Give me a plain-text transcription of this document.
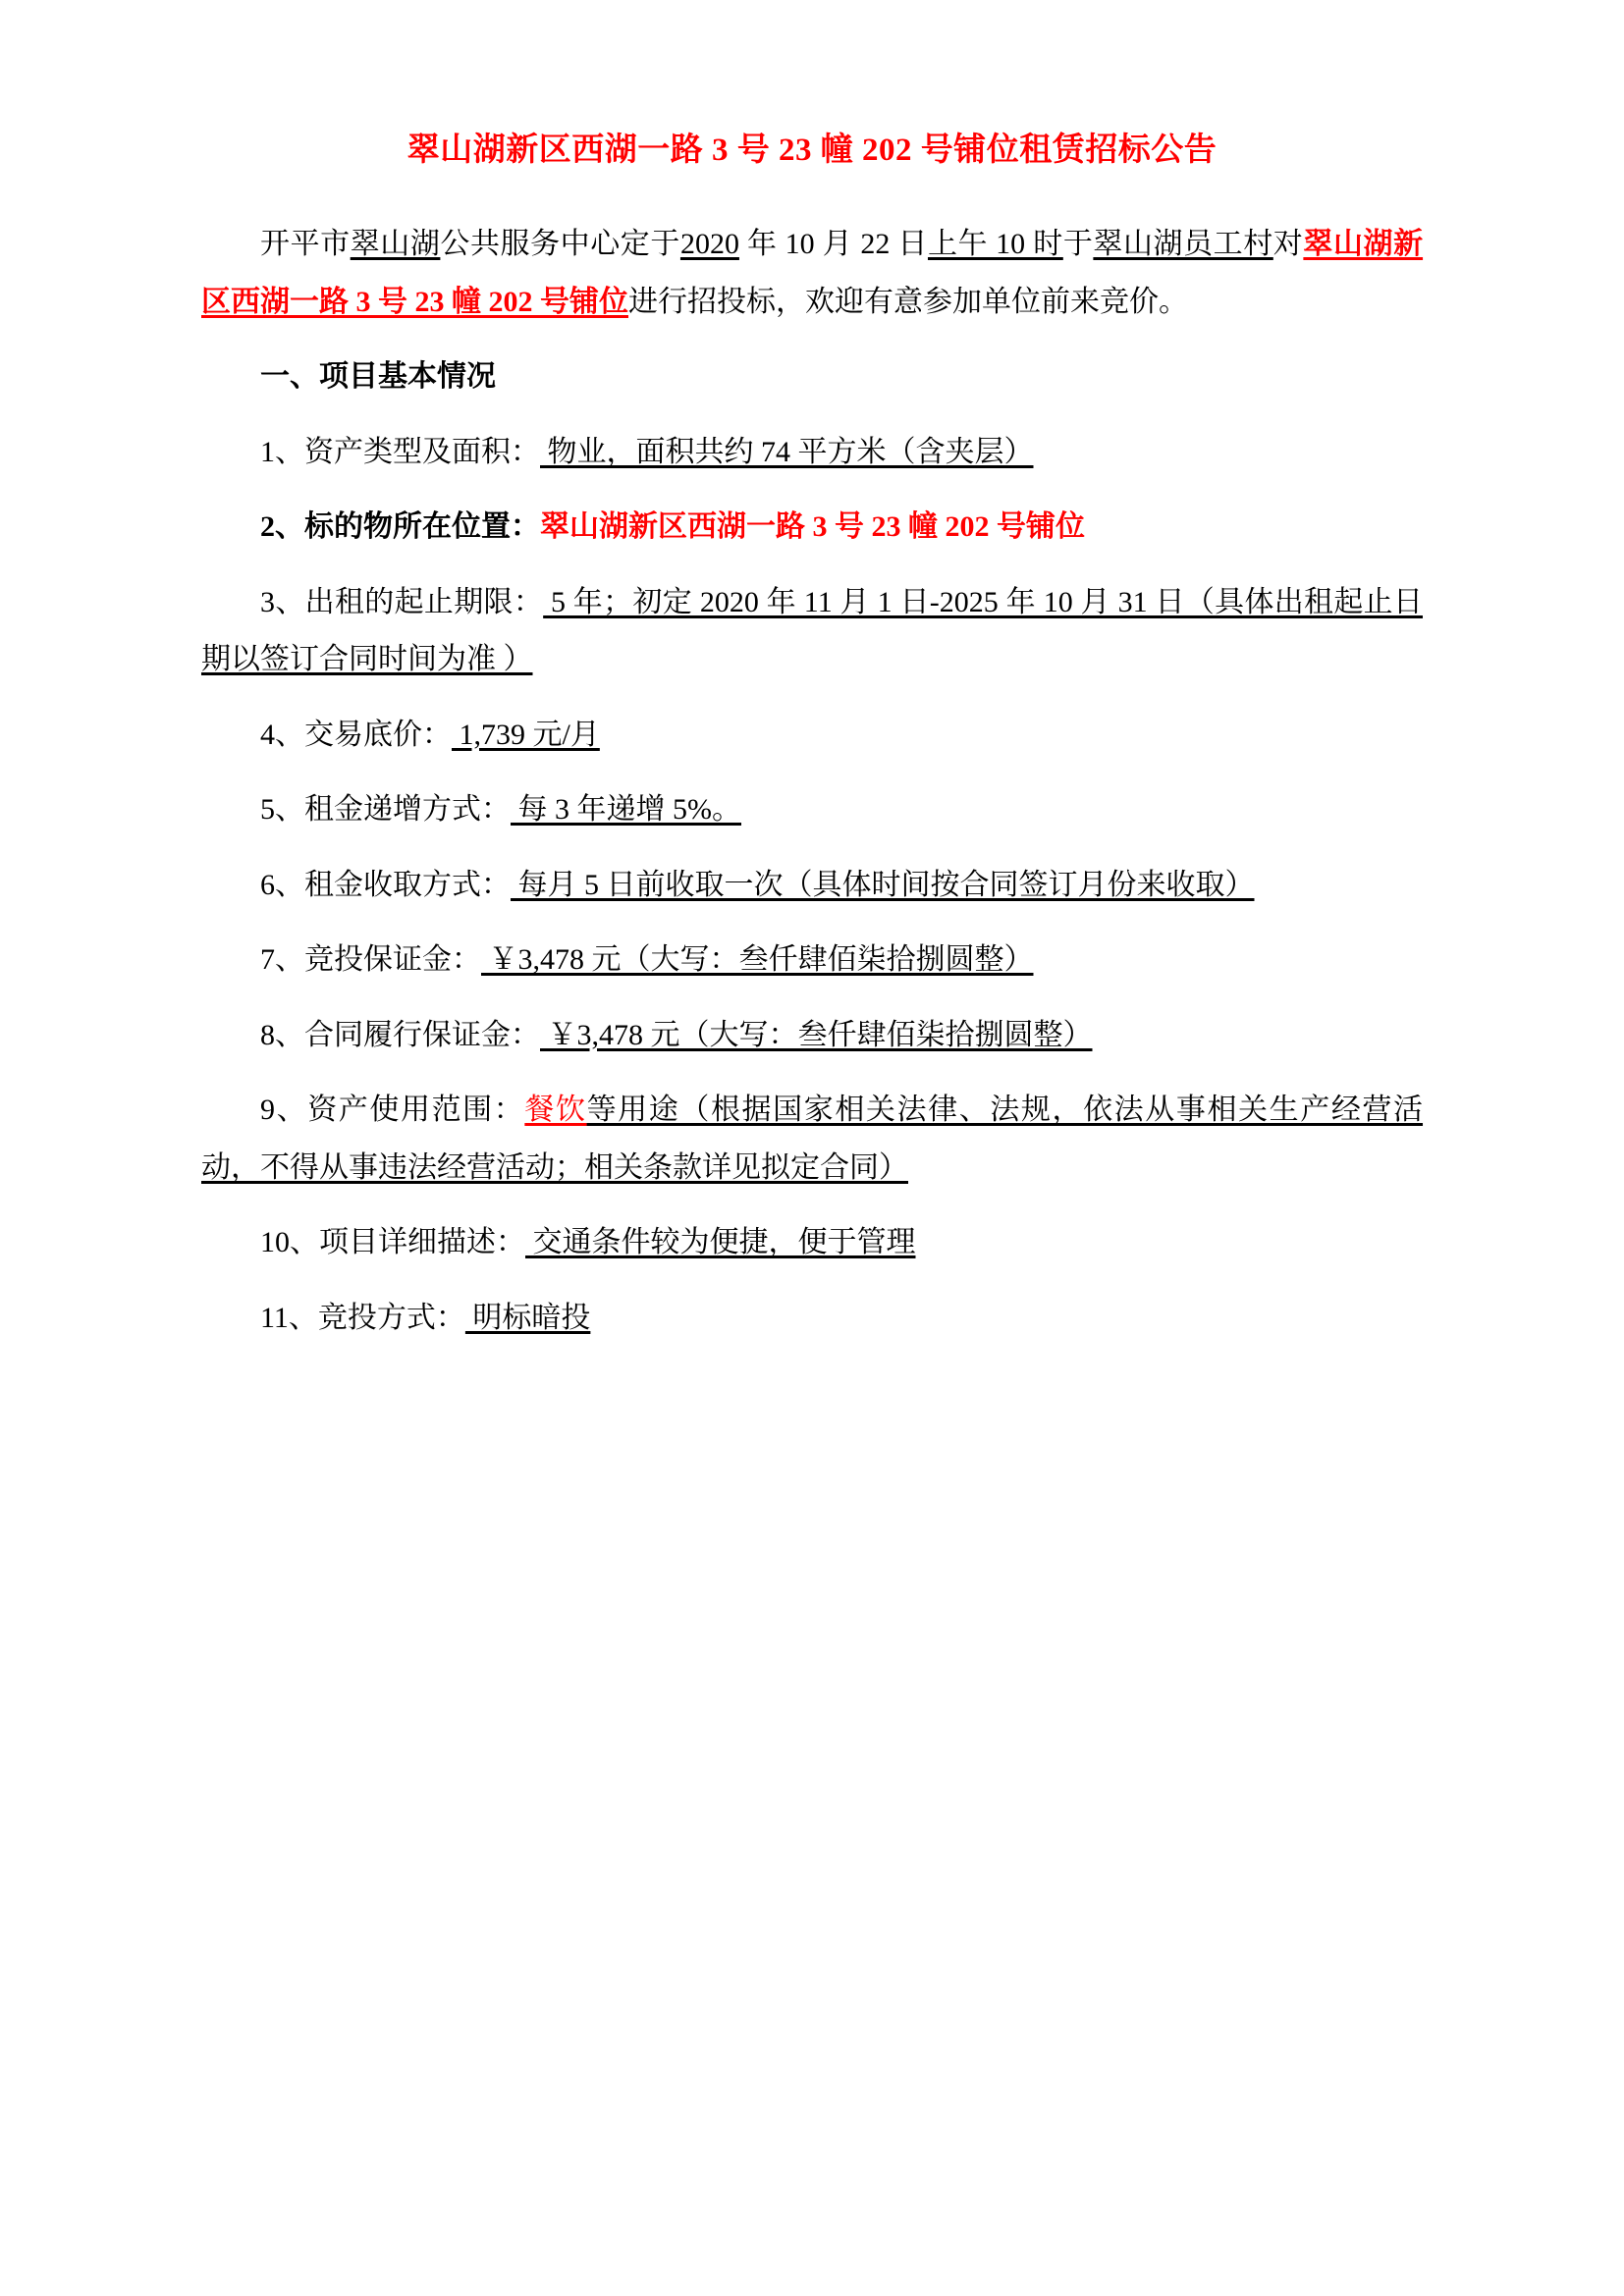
翠山湖新区西湖一路 3 号 23 幢 202 号铺位租赁招标公告

开平市翠山湖公共服务中心定于2020 年 10 月 22 日上午 10 时于翠山湖员工村对翠山湖新区西湖一路 3 号 23 幢 202 号铺位进行招投标，欢迎有意参加单位前来竞价。

一、项目基本情况

1、资产类型及面积： 物业，面积共约 74 平方米（含夹层）

2、标的物所在位置：翠山湖新区西湖一路 3 号 23 幢 202 号铺位

3、出租的起止期限： 5 年；初定 2020 年 11 月 1 日-2025 年 10 月 31 日（具体出租起止日期以签订合同时间为准 ）

4、交易底价： 1,739 元/月

5、租金递增方式： 每 3 年递增 5%。

6、租金收取方式： 每月 5 日前收取一次（具体时间按合同签订月份来收取）

7、竞投保证金： ￥3,478 元（大写：叁仟肆佰柒拾捌圆整）

8、合同履行保证金： ￥3,478 元（大写：叁仟肆佰柒拾捌圆整）

9、资产使用范围：餐饮等用途（根据国家相关法律、法规，依法从事相关生产经营活动，不得从事违法经营活动；相关条款详见拟定合同）

10、项目详细描述： 交通条件较为便捷，便于管理

11、竞投方式： 明标暗投
